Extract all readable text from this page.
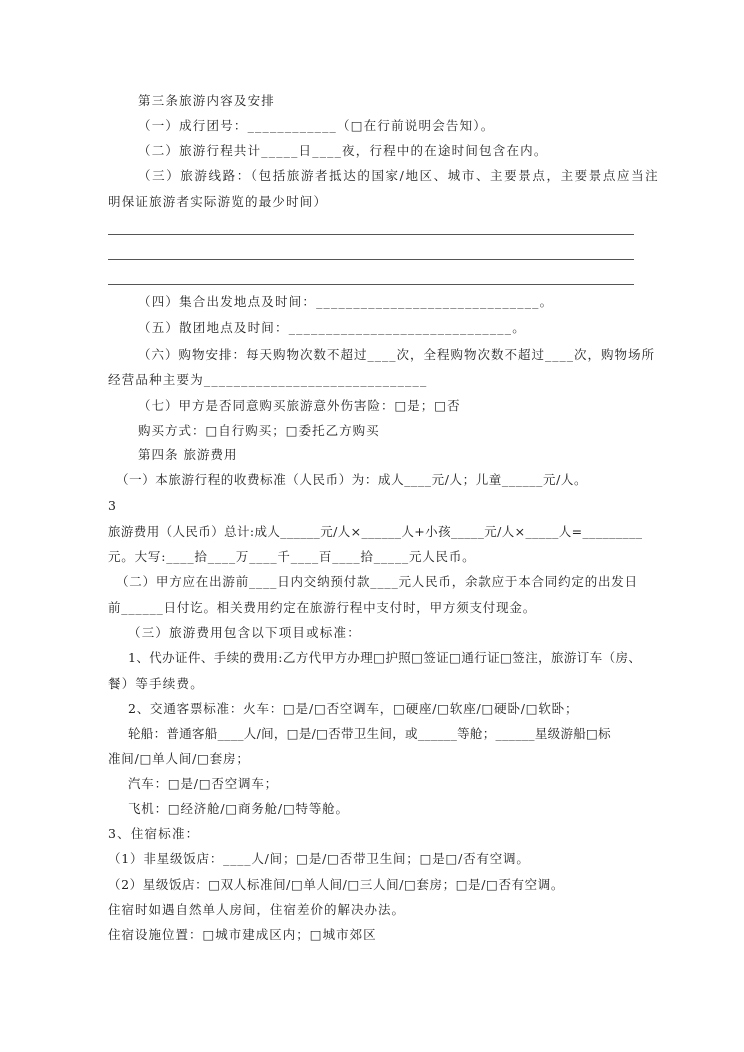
第三条旅游内容及安排
（一）成行团号：____________（□在行前说明会告知）。
（二）旅游行程共计_____日____夜，行程中的在途时间包含在内。
（三）旅游线路：（包括旅游者抵达的国家/地区、城市、主要景点，主要景点应当注
明保证旅游者实际游览的最少时间）
（四）集合出发地点及时间：______________________________。
（五）散团地点及时间：______________________________。
（六）购物安排：每天购物次数不超过____次，全程购物次数不超过____次，购物场所
经营品种主要为______________________________
（七）甲方是否同意购买旅游意外伤害险：□是；□否
购买方式：□自行购买；□委托乙方购买
第四条 旅游费用
（一）本旅游行程的收费标准（人民币）为：成人____元/人；儿童______元/人。
3
旅游费用（人民币）总计:成人______元/人×______人+小孩_____元/人×_____人=_________
元。大写:____拾____万____千____百____拾_____元人民币。
（二）甲方应在出游前____日内交纳预付款____元人民币，余款应于本合同约定的出发日
前______日付讫。相关费用约定在旅游行程中支付时，甲方须支付现金。
（三）旅游费用包含以下项目或标准：
1、代办证件、手续的费用:乙方代甲方办理□护照□签证□通行证□签注，旅游订车（房、
餐）等手续费。
2、交通客票标准：火车：□是/□否空调车，□硬座/□软座/□硬卧/□软卧；
轮船：普通客船____人/间，□是/□否带卫生间，或______等舱；______星级游船□标
准间/□单人间/□套房；
汽车：□是/□否空调车；
飞机：□经济舱/□商务舱/□特等舱。
3、住宿标准：
（1）非星级饭店：____人/间；□是/□否带卫生间；□是□/否有空调。
（2）星级饭店：□双人标准间/□单人间/□三人间/□套房；□是/□否有空调。
住宿时如遇自然单人房间，住宿差价的解决办法。
住宿设施位置：□城市建成区内；□城市郊区
